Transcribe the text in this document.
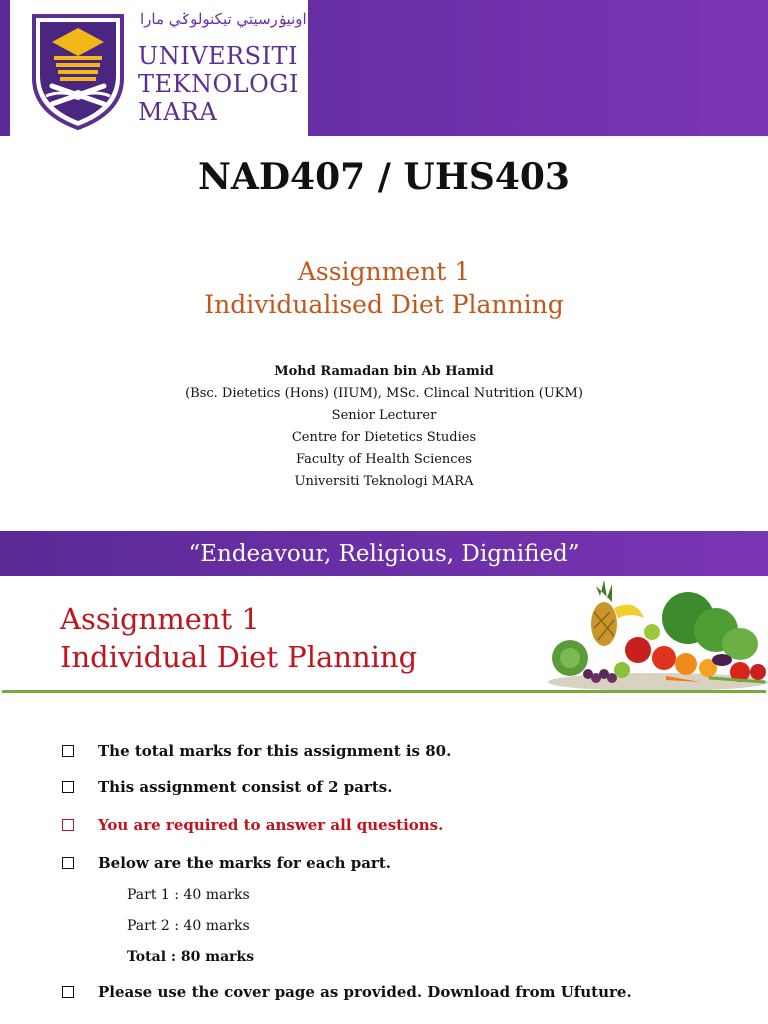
اونيۏرسيتي تيكنولوݢي مارا
UNIVERSITI
TEKNOLOGI
MARA
NAD407 / UHS403
Assignment 1
Individualised Diet Planning
Mohd Ramadan bin Ab Hamid
(Bsc. Dietetics (Hons) (IIUM), MSc. Clincal Nutrition (UKM)
Senior Lecturer
Centre for Dietetics Studies
Faculty of Health Sciences
Universiti Teknologi MARA
“Endeavour, Religious, Dignified”
Assignment 1
Individual Diet Planning
The total marks for this assignment is 80.
This assignment consist of 2 parts.
You are required to answer all questions.
Below are the marks for each part.
Part 1 : 40 marks
Part 2 : 40 marks
Total : 80 marks
Please use the cover page as provided. Download from Ufuture.
